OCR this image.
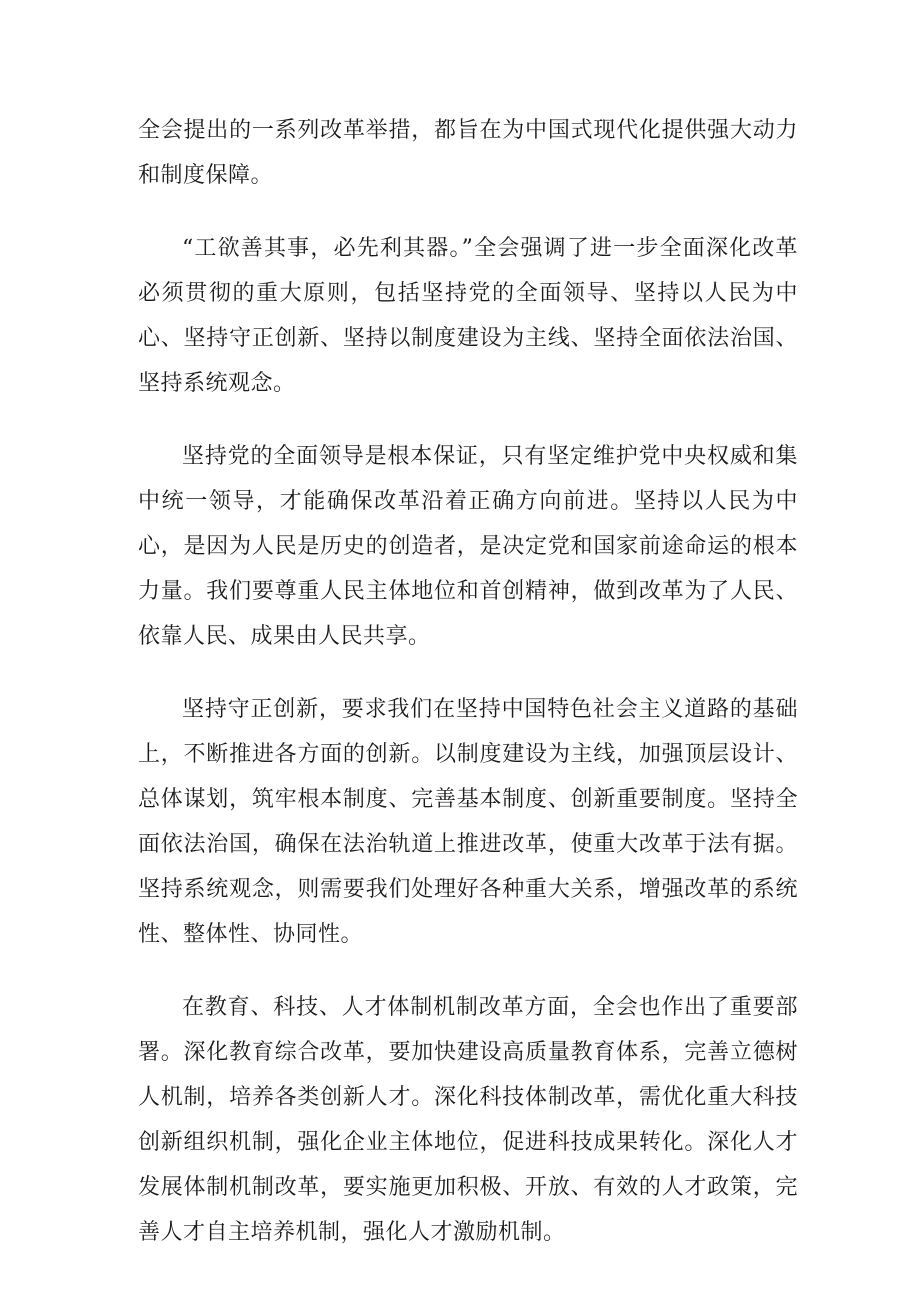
全会提出的一系列改革举措，都旨在为中国式现代化提供强大动力和制度保障。

“工欲善其事，必先利其器。”全会强调了进一步全面深化改革必须贯彻的重大原则，包括坚持党的全面领导、坚持以人民为中心、坚持守正创新、坚持以制度建设为主线、坚持全面依法治国、坚持系统观念。

坚持党的全面领导是根本保证，只有坚定维护党中央权威和集中统一领导，才能确保改革沿着正确方向前进。坚持以人民为中心，是因为人民是历史的创造者，是决定党和国家前途命运的根本力量。我们要尊重人民主体地位和首创精神，做到改革为了人民、依靠人民、成果由人民共享。

坚持守正创新，要求我们在坚持中国特色社会主义道路的基础上，不断推进各方面的创新。以制度建设为主线，加强顶层设计、总体谋划，筑牢根本制度、完善基本制度、创新重要制度。坚持全面依法治国，确保在法治轨道上推进改革，使重大改革于法有据。坚持系统观念，则需要我们处理好各种重大关系，增强改革的系统性、整体性、协同性。

在教育、科技、人才体制机制改革方面，全会也作出了重要部署。深化教育综合改革，要加快建设高质量教育体系，完善立德树人机制，培养各类创新人才。深化科技体制改革，需优化重大科技创新组织机制，强化企业主体地位，促进科技成果转化。深化人才发展体制机制改革，要实施更加积极、开放、有效的人才政策，完善人才自主培养机制，强化人才激励机制。
